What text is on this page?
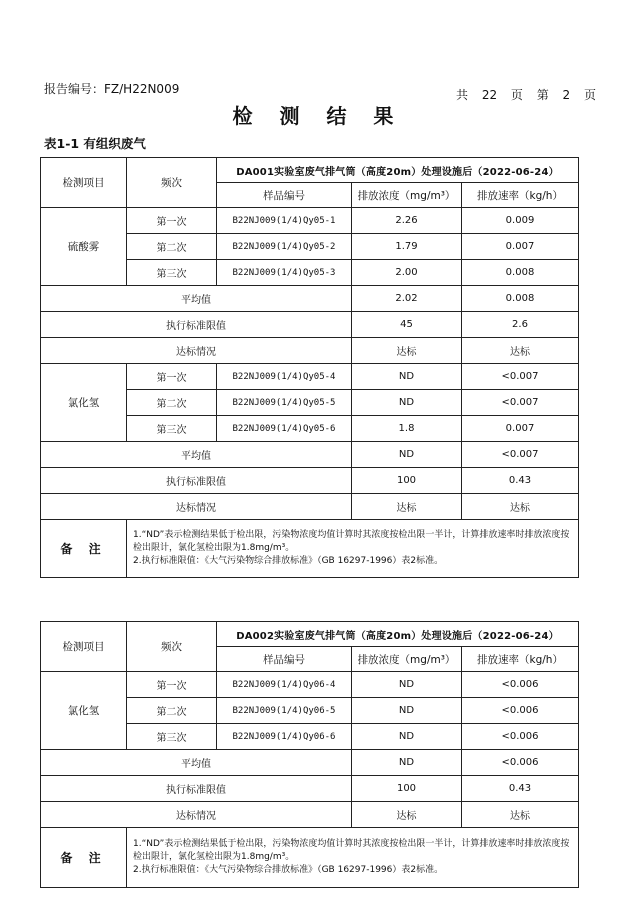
报告编号：FZ/H22N009	共 22 页 第 2 页
检 测 结 果
表1-1 有组织废气
检测项目	频次	DA001实验室废气排气筒（高度20m）处理设施后（2022-06-24）		
		样品编号	排放浓度（mg/m³）	排放速率（kg/h）
硫酸雾	第一次	B22NJ009(1/4)Qy05-1	2.26	0.009
	第二次	B22NJ009(1/4)Qy05-2	1.79	0.007
	第三次	B22NJ009(1/4)Qy05-3	2.00	0.008
平均值			2.02	0.008
执行标准限值			45	2.6
达标情况			达标	达标
氯化氢	第一次	B22NJ009(1/4)Qy05-4	ND	<0.007
	第二次	B22NJ009(1/4)Qy05-5	ND	<0.007
	第三次	B22NJ009(1/4)Qy05-6	1.8	0.007
平均值			ND	<0.007
执行标准限值			100	0.43
达标情况			达标	达标
备 注	1.“ND”表示检测结果低于检出限，污染物浓度均值计算时其浓度按检出限一半计，计算排放速率时排放浓度按检出限计，氯化氢检出限为1.8mg/m³。
2.执行标准限值：《大气污染物综合排放标准》（GB 16297-1996）表2标准。			
检测项目	频次	DA002实验室废气排气筒（高度20m）处理设施后（2022-06-24）		
		样品编号	排放浓度（mg/m³）	排放速率（kg/h）
氯化氢	第一次	B22NJ009(1/4)Qy06-4	ND	<0.006
	第二次	B22NJ009(1/4)Qy06-5	ND	<0.006
	第三次	B22NJ009(1/4)Qy06-6	ND	<0.006
平均值			ND	<0.006
执行标准限值			100	0.43
达标情况			达标	达标
备 注	1.“ND”表示检测结果低于检出限，污染物浓度均值计算时其浓度按检出限一半计，计算排放速率时排放浓度按检出限计，氯化氢检出限为1.8mg/m³。
2.执行标准限值：《大气污染物综合排放标准》（GB 16297-1996）表2标准。			
